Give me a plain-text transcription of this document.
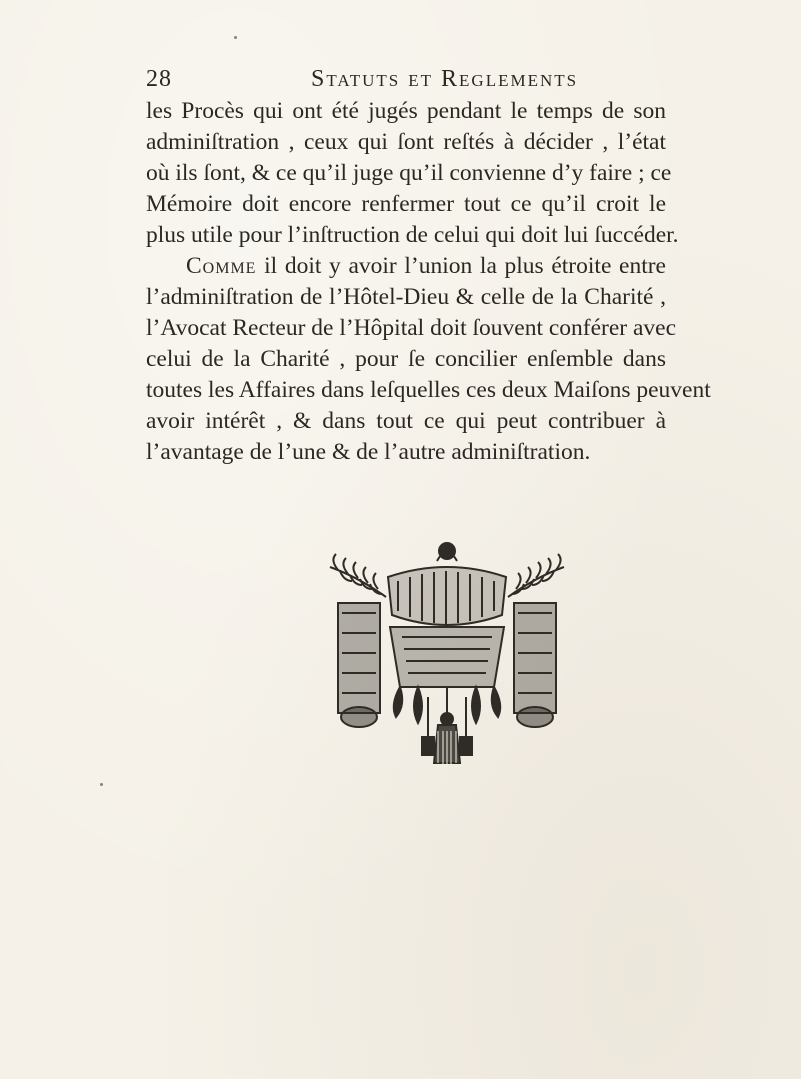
28	Statuts et Reglements
les Procès qui ont été jugés pendant le temps de son
adminiſtration , ceux qui ſont reſtés à décider , l’état
où ils ſont, & ce qu’il juge qu’il convienne d’y faire ; ce
Mémoire doit encore renfermer tout ce qu’il croit le
plus utile pour l’inſtruction de celui qui doit lui ſuccéder.
Comme il doit y avoir l’union la plus étroite entre
l’adminiſtration de l’Hôtel-Dieu & celle de la Charité ,
l’Avocat Recteur de l’Hôpital doit ſouvent conférer avec
celui de la Charité , pour ſe concilier enſemble dans
toutes les Affaires dans leſquelles ces deux Maiſons peuvent
avoir intérêt , & dans tout ce qui peut contribuer à
l’avantage de l’une & de l’autre adminiſtration.
